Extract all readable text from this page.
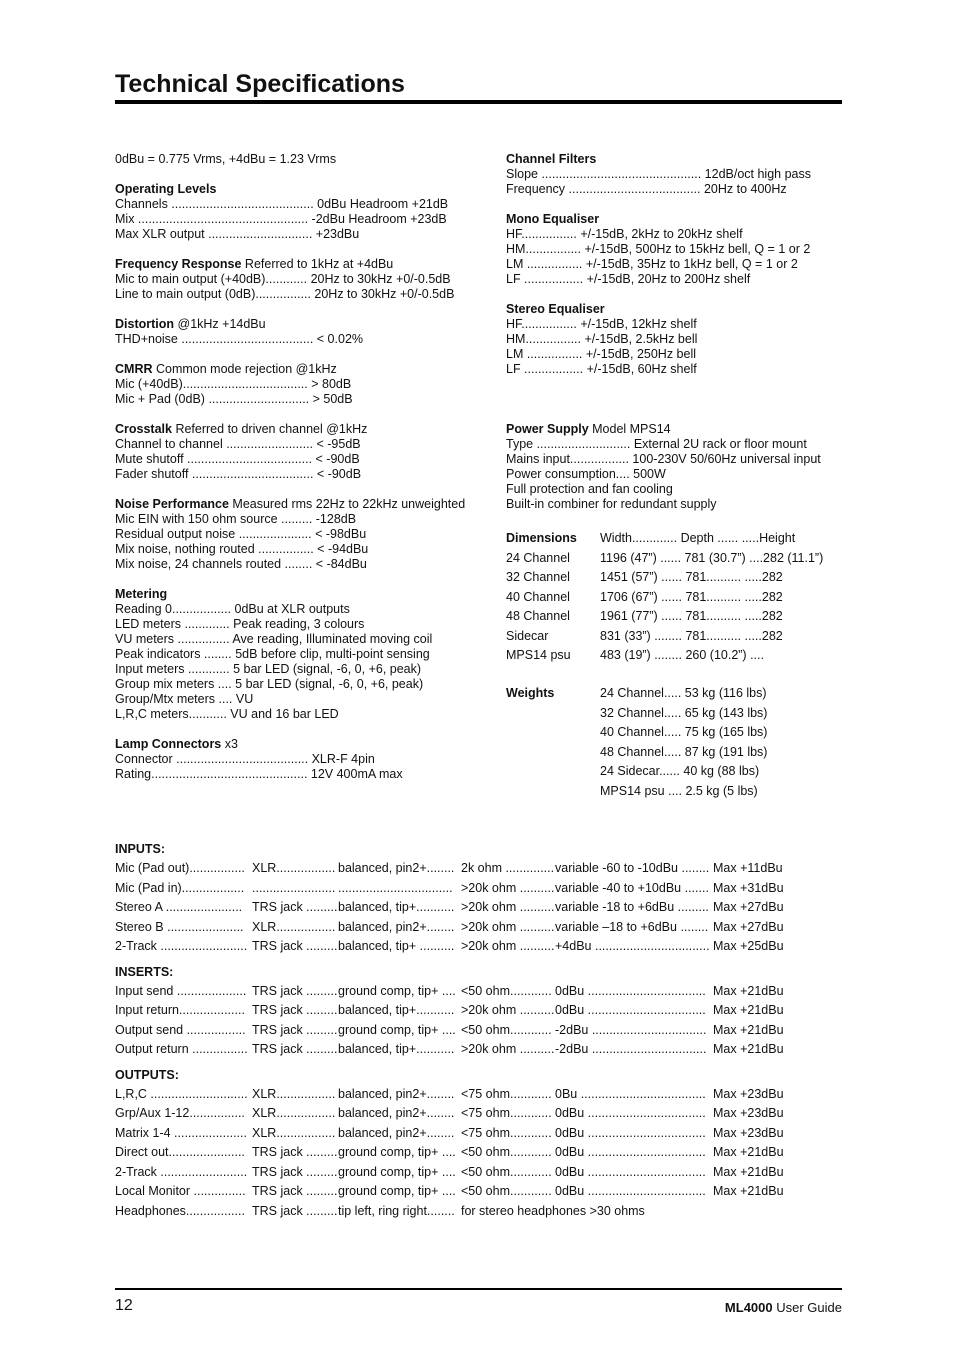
Technical Specifications
0dBu = 0.775 Vrms, +4dBu = 1.23 Vrms
Operating Levels
Channels ......................................... 0dBu Headroom +21dB
Mix ................................................. -2dBu Headroom +23dB
Max XLR output .............................. +23dBu
Frequency Response Referred to 1kHz at +4dBu
Mic to main output (+40dB)............ 20Hz to 30kHz +0/-0.5dB
Line to main output (0dB)................ 20Hz to 30kHz +0/-0.5dB
Distortion @1kHz +14dBu
THD+noise ...................................... < 0.02%
CMRR Common mode rejection @1kHz
Mic (+40dB).................................... > 80dB
Mic + Pad (0dB) ............................. > 50dB
Crosstalk Referred to driven channel @1kHz
Channel to channel ......................... < -95dB
Mute shutoff .................................... < -90dB
Fader shutoff ................................... < -90dB
Noise Performance Measured rms 22Hz to 22kHz unweighted
Mic EIN with 150 ohm source ......... -128dB
Residual output noise ..................... < -98dBu
Mix noise, nothing routed ................ < -94dBu
Mix noise, 24 channels routed ........ < -84dBu
Metering
Reading 0................. 0dBu at XLR outputs
LED meters ............. Peak reading, 3 colours
VU meters ............... Ave reading, Illuminated moving coil
Peak indicators ........ 5dB before clip, multi-point sensing
Input meters ............ 5 bar LED (signal, -6, 0, +6, peak)
Group mix meters .... 5 bar LED (signal, -6, 0, +6, peak)
Group/Mtx meters .... VU
L,R,C meters........... VU and 16 bar LED
Lamp Connectors x3
Connector ...................................... XLR-F 4pin
Rating............................................. 12V 400mA max
Channel Filters
Slope .............................................. 12dB/oct high pass
Frequency ...................................... 20Hz to 400Hz
Mono Equaliser
HF................ +/-15dB, 2kHz to 20kHz shelf
HM................ +/-15dB, 500Hz to 15kHz bell, Q = 1 or 2
LM ................ +/-15dB, 35Hz to 1kHz bell, Q = 1 or 2
LF ................. +/-15dB, 20Hz to 200Hz shelf
Stereo Equaliser
HF................ +/-15dB, 12kHz shelf
HM................ +/-15dB, 2.5kHz bell
LM ................ +/-15dB, 250Hz bell
LF ................. +/-15dB, 60Hz shelf
Power Supply Model MPS14
Type ........................... External 2U rack or floor mount
Mains input................. 100-230V 50/60Hz universal input
Power consumption.... 500W
Full protection and fan cooling
Built-in combiner for redundant supply
Dimensions	Width............. Depth ...... .....Height
24 Channel	1196 (47”) ...... 781 (30.7”) ....282 (11.1”)
32 Channel	1451 (57”) ...... 781.......... .....282
40 Channel	1706 (67”) ...... 781.......... .....282
48 Channel	1961 (77”) ...... 781.......... .....282
Sidecar	831 (33”) ........ 781.......... .....282
MPS14 psu	483 (19”) ........ 260 (10.2”) ....
Weights	24 Channel..... 53 kg (116 lbs)
32 Channel..... 65 kg (143 lbs)
40 Channel..... 75 kg (165 lbs)
48 Channel..... 87 kg (191 lbs)
24 Sidecar...... 40 kg (88 lbs)
MPS14 psu .... 2.5 kg (5 lbs)
INPUTS:
Mic (Pad out)................ XLR................. balanced, pin2+........ 2k ohm .............. variable -60 to -10dBu ........ Max +11dBu
Mic (Pad in).................. ........................ ................................. >20k ohm .......... variable -40 to +10dBu ....... Max +31dBu
Stereo A ...................... TRS jack ......... balanced, tip+........... >20k ohm .......... variable -18 to +6dBu ......... Max +27dBu
Stereo B ...................... XLR................. balanced, pin2+........ >20k ohm .......... variable –18 to +6dBu ........ Max +27dBu
2-Track ......................... TRS jack ......... balanced, tip+ .......... >20k ohm .......... +4dBu ................................. Max +25dBu
INSERTS:
Input send .................... TRS jack ......... ground comp, tip+ .... <50 ohm............ 0dBu .................................. Max +21dBu
Input return................... TRS jack ......... balanced, tip+........... >20k ohm .......... 0dBu .................................. Max +21dBu
Output send ................. TRS jack ......... ground comp, tip+ .... <50 ohm............ -2dBu ................................. Max +21dBu
Output return ................ TRS jack ......... balanced, tip+........... >20k ohm .......... -2dBu ................................. Max +21dBu
OUTPUTS:
L,R,C ............................ XLR................. balanced, pin2+........ <75 ohm............ 0Bu .................................... Max +23dBu
Grp/Aux 1-12................ XLR................. balanced, pin2+........ <75 ohm............ 0dBu .................................. Max +23dBu
Matrix 1-4 ..................... XLR................. balanced, pin2+........ <75 ohm............ 0dBu .................................. Max +23dBu
Direct out...................... TRS jack ......... ground comp, tip+ .... <50 ohm............ 0dBu .................................. Max +21dBu
2-Track ......................... TRS jack ......... ground comp, tip+ .... <50 ohm............ 0dBu .................................. Max +21dBu
Local Monitor ............... TRS jack ......... ground comp, tip+ .... <50 ohm............ 0dBu .................................. Max +21dBu
Headphones................. TRS jack ......... tip left, ring right........ for stereo headphones >30 ohms
12	ML4000 User Guide
